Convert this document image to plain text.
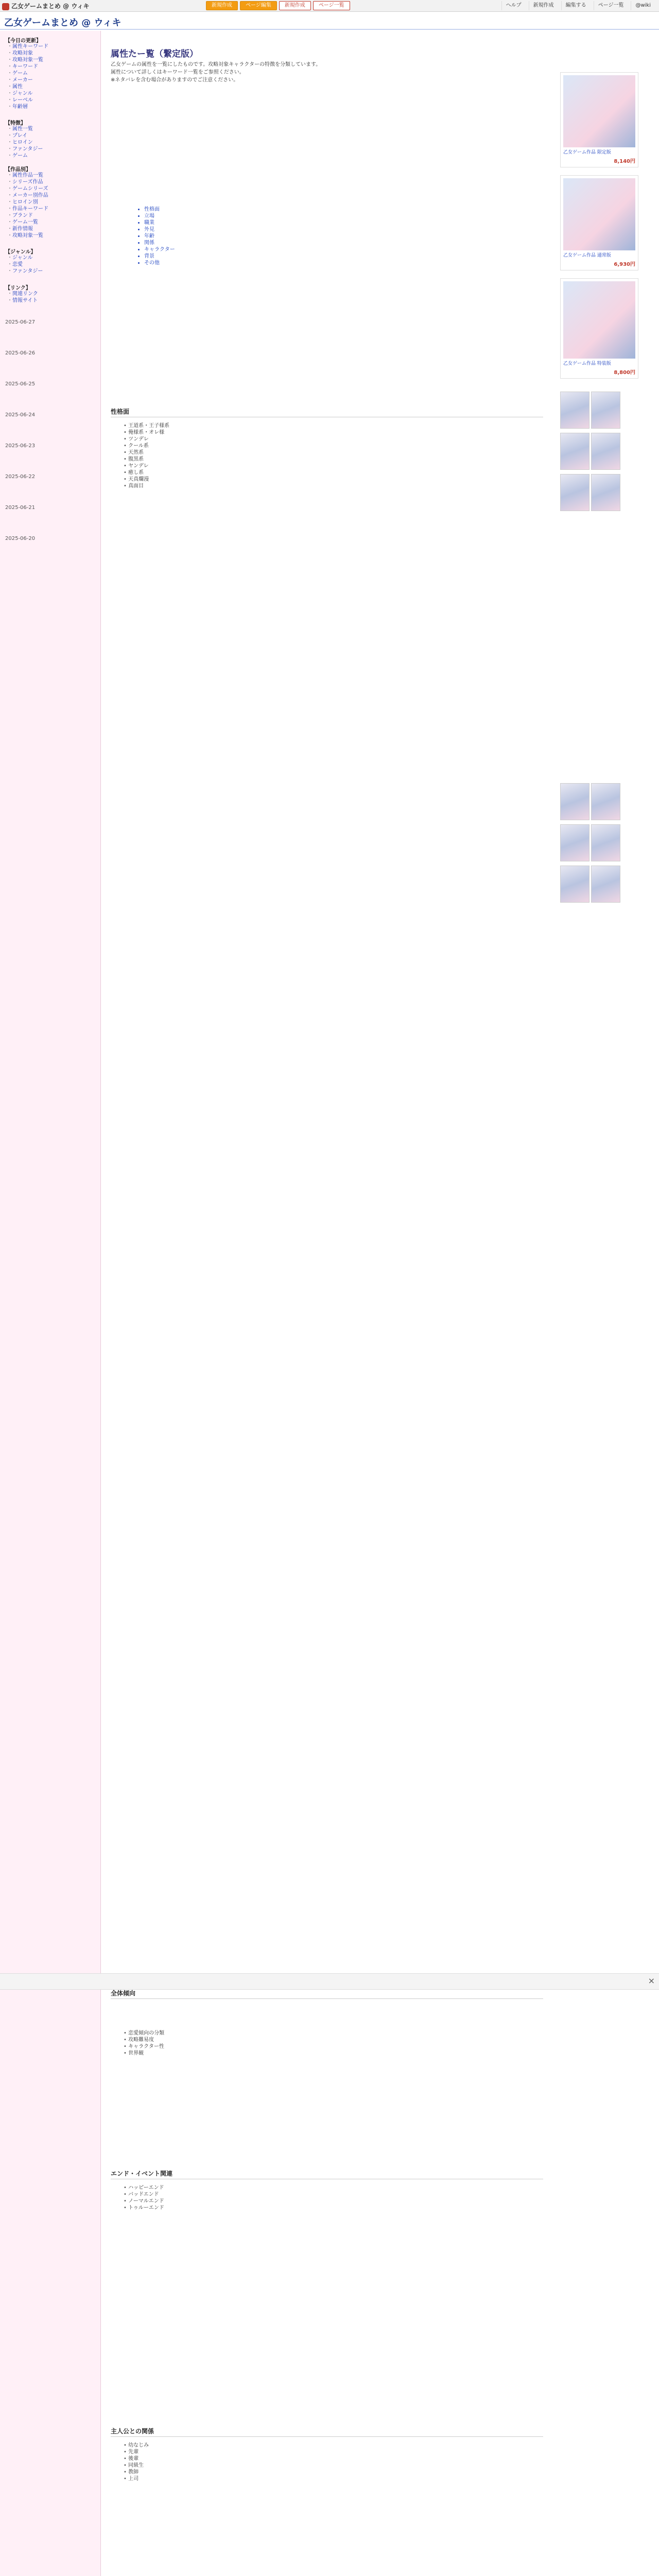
乙女ゲームまとめ @ ウィキ	新規作成	ページ編集	新規作成	ページ一覧	ヘルプ	新規作成	編集する	ページ一覧	@wiki
乙女ゲームまとめ @ ウィキ
【今日の更新】
・ 属性キーワード
・ 攻略対象
・ 攻略対象一覧
・ キーワード
・ ゲーム
・ メーカー
・ 属性
・ ジャンル
・ レーベル
・ 年齢層
【特徴】
・ 属性一覧
・ プレイ
・ ヒロイン
・ ファンタジー
・ ゲーム
【作品別】
・ 属性作品一覧
・ シリーズ作品
・ ゲームシリーズ
・ メーカー別作品
・ ヒロイン別
・ 作品キーワード
・ ブランド
・ ゲーム一覧
・ 新作情報
・ 攻略対象一覧
【ジャンル】
・ ジャンル
・ 恋愛
・ ファンタジー
【リンク】
・ 関連リンク
・ 情報サイト
2025-06-27
2025-06-26
2025-06-25
2025-06-24
2025-06-23
2025-06-22
2025-06-21
2025-06-20
属性たー覧（繋定版）
乙女ゲームの属性を一覧にしたものです。攻略対象キャラクターの特徴を分類しています。
属性について詳しくはキーワード一覧をご参照ください。
※ネタバレを含む場合がありますのでご注意ください。
• 性格面
• 立場
• 職業
• 外見
• 年齢
• 関係
• キャラクター
• 背景
• その他
性格面
• 王道系・王子様系
• 俺様系・オレ様
• ツンデレ
• クール系
• 天然系
• 腹黒系
• ヤンデレ
• 癒し系
• 天真爛漫
• 真面目
全体傾向
• 恋愛傾向の分類
• 攻略難易度
• キャラクター性
• 世界観
エンド・イベント関連
• ハッピーエンド
• バッドエンド
• ノーマルエンド
• トゥルーエンド
主人公との関係
• 幼なじみ
• 先輩
• 後輩
• 同級生
• 教師
• 上司
乙女ゲーム作品 限定版
8,140円
乙女ゲーム作品 通常版
6,930円
乙女ゲーム作品 特装版
8,800円
×
